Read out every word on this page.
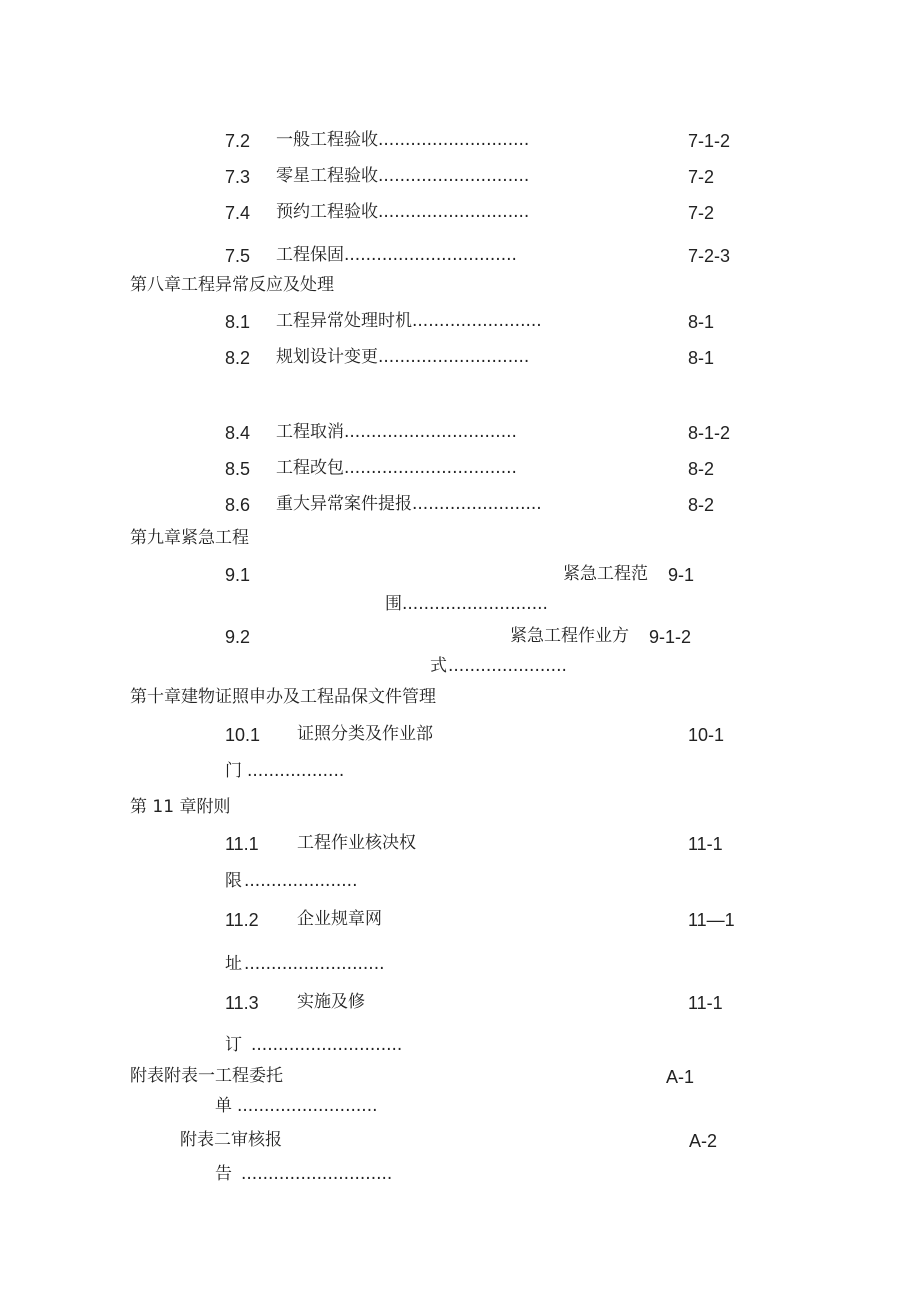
7.2 一般工程验收 ............................	7-1-2
7.3 零星工程验收 ............................	7-2
7.4 预约工程验收 ............................	7-2
7.5 工程保固 ................................	7-2-3
第八章工程异常反应及处理
8.1 工程异常处理时机 ........................	8-1
8.2 规划设计变更 ............................	8-1
8.4 工程取消 ................................	8-1-2
8.5 工程改包 ................................	8-2
8.6 重大异常案件提报 ........................	8-2
第九章紧急工程
9.1	紧急工程范 9-1
围 ...........................
9.2	紧急工程作业方 9-1-2
式 ......................
第十章建物证照申办及工程品保文件管理
10.1 证照分类及作业部	10-1
门 ..................
第 11 章附则
11.1 工程作业核决权	11-1
限 .....................
11.2 企业规章网	11—1
址 ..........................
11.3 实施及修	11-1
订 ............................
附表附表一工程委托	A-1
单 ..........................
附表二审核报	A-2
告 ............................
